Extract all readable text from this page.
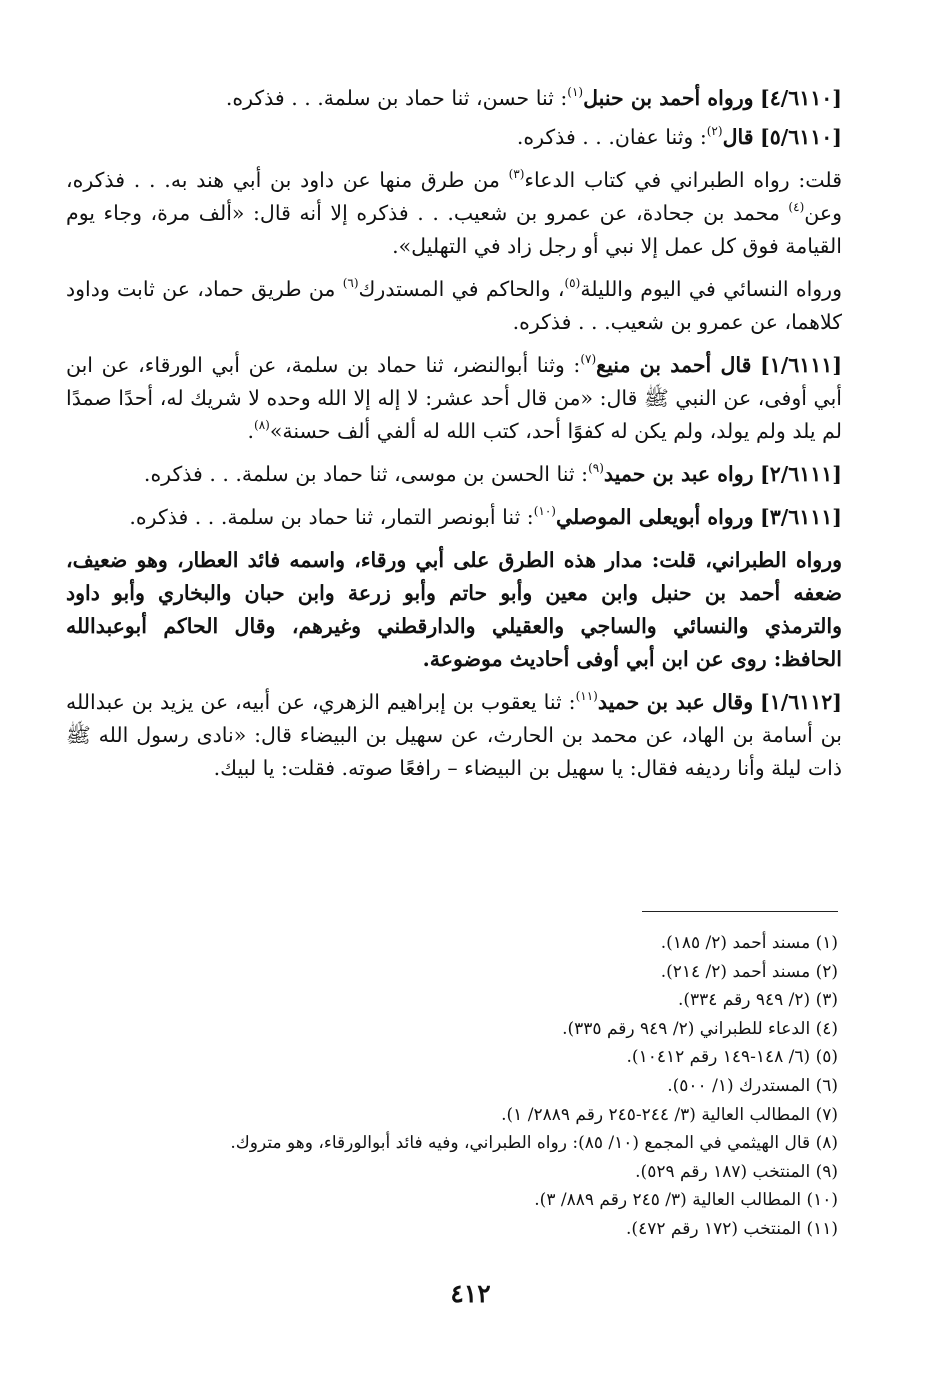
[٤/٦١١٠] ورواه أحمد بن حنبل$^{(١)}$: ثنا حسن، ثنا حماد بن سلمة. . . فذكره.

[٥/٦١١٠] قال$^{(٢)}$: وثنا عفان. . . فذكره.

قلت: رواه الطبراني في كتاب الدعاء$^{(٣)}$ من طرق منها عن داود بن أبي هند به. . . فذكره، وعن$^{(٤)}$ محمد بن جحادة، عن عمرو بن شعيب. . . فذكره إلا أنه قال: «ألف مرة، وجاء يوم القيامة فوق كل عمل إلا نبي أو رجل زاد في التهليل».

ورواه النسائي في اليوم والليلة$^{(٥)}$، والحاكم في المستدرك$^{(٦)}$ من طريق حماد، عن ثابت وداود كلاهما، عن عمرو بن شعيب. . . فذكره.

[١/٦١١١] قال أحمد بن منيع$^{(٧)}$: وثنا أبوالنضر، ثنا حماد بن سلمة، عن أبي الورقاء، عن ابن أبي أوفى، عن النبي ﷺ قال: «من قال أحد عشر: لا إله إلا الله وحده لا شريك له، أحدًا صمدًا لم يلد ولم يولد، ولم يكن له كفوًا أحد، كتب الله له ألفي ألف حسنة»$^{(٨)}$.

[٢/٦١١١] رواه عبد بن حميد$^{(٩)}$: ثنا الحسن بن موسى، ثنا حماد بن سلمة. . . فذكره.

[٣/٦١١١] ورواه أبويعلى الموصلي$^{(١٠)}$: ثنا أبونصر التمار، ثنا حماد بن سلمة. . . فذكره.

ورواه الطبراني، قلت: مدار هذه الطرق على أبي ورقاء، واسمه فائد العطار، وهو ضعيف، ضعفه أحمد بن حنبل وابن معين وأبو حاتم وأبو زرعة وابن حبان والبخاري وأبو داود والترمذي والنسائي والساجي والعقيلي والدارقطني وغيرهم، وقال الحاكم أبوعبدالله الحافظ: روى عن ابن أبي أوفى أحاديث موضوعة.

[١/٦١١٢] وقال عبد بن حميد$^{(١١)}$: ثنا يعقوب بن إبراهيم الزهري، عن أبيه، عن يزيد بن عبدالله بن أسامة بن الهاد، عن محمد بن الحارث، عن سهيل بن البيضاء قال: «نادى رسول الله ﷺ ذات ليلة وأنا رديفه فقال: يا سهيل بن البيضاء – رافعًا صوته. فقلت: يا لبيك.

(١) مسند أحمد (٢/ ١٨٥).
(٢) مسند أحمد (٢/ ٢١٤).
(٣) (٢/ ٩٤٩ رقم ٣٣٤).
(٤) الدعاء للطبراني (٢/ ٩٤٩ رقم ٣٣٥).
(٥) (٦/ ١٤٨-١٤٩ رقم ١٠٤١٢).
(٦) المستدرك (١/ ٥٠٠).
(٧) المطالب العالية (٣/ ٢٤٤-٢٤٥ رقم ٢٨٨٩/ ١).
(٨) قال الهيثمي في المجمع (١٠/ ٨٥): رواه الطبراني، وفيه فائد أبوالورقاء، وهو متروك.
(٩) المنتخب (١٨٧ رقم ٥٢٩).
(١٠) المطالب العالية (٣/ ٢٤٥ رقم ٨٨٩/ ٣).
(١١) المنتخب (١٧٢ رقم ٤٧٢).
٤١٢
